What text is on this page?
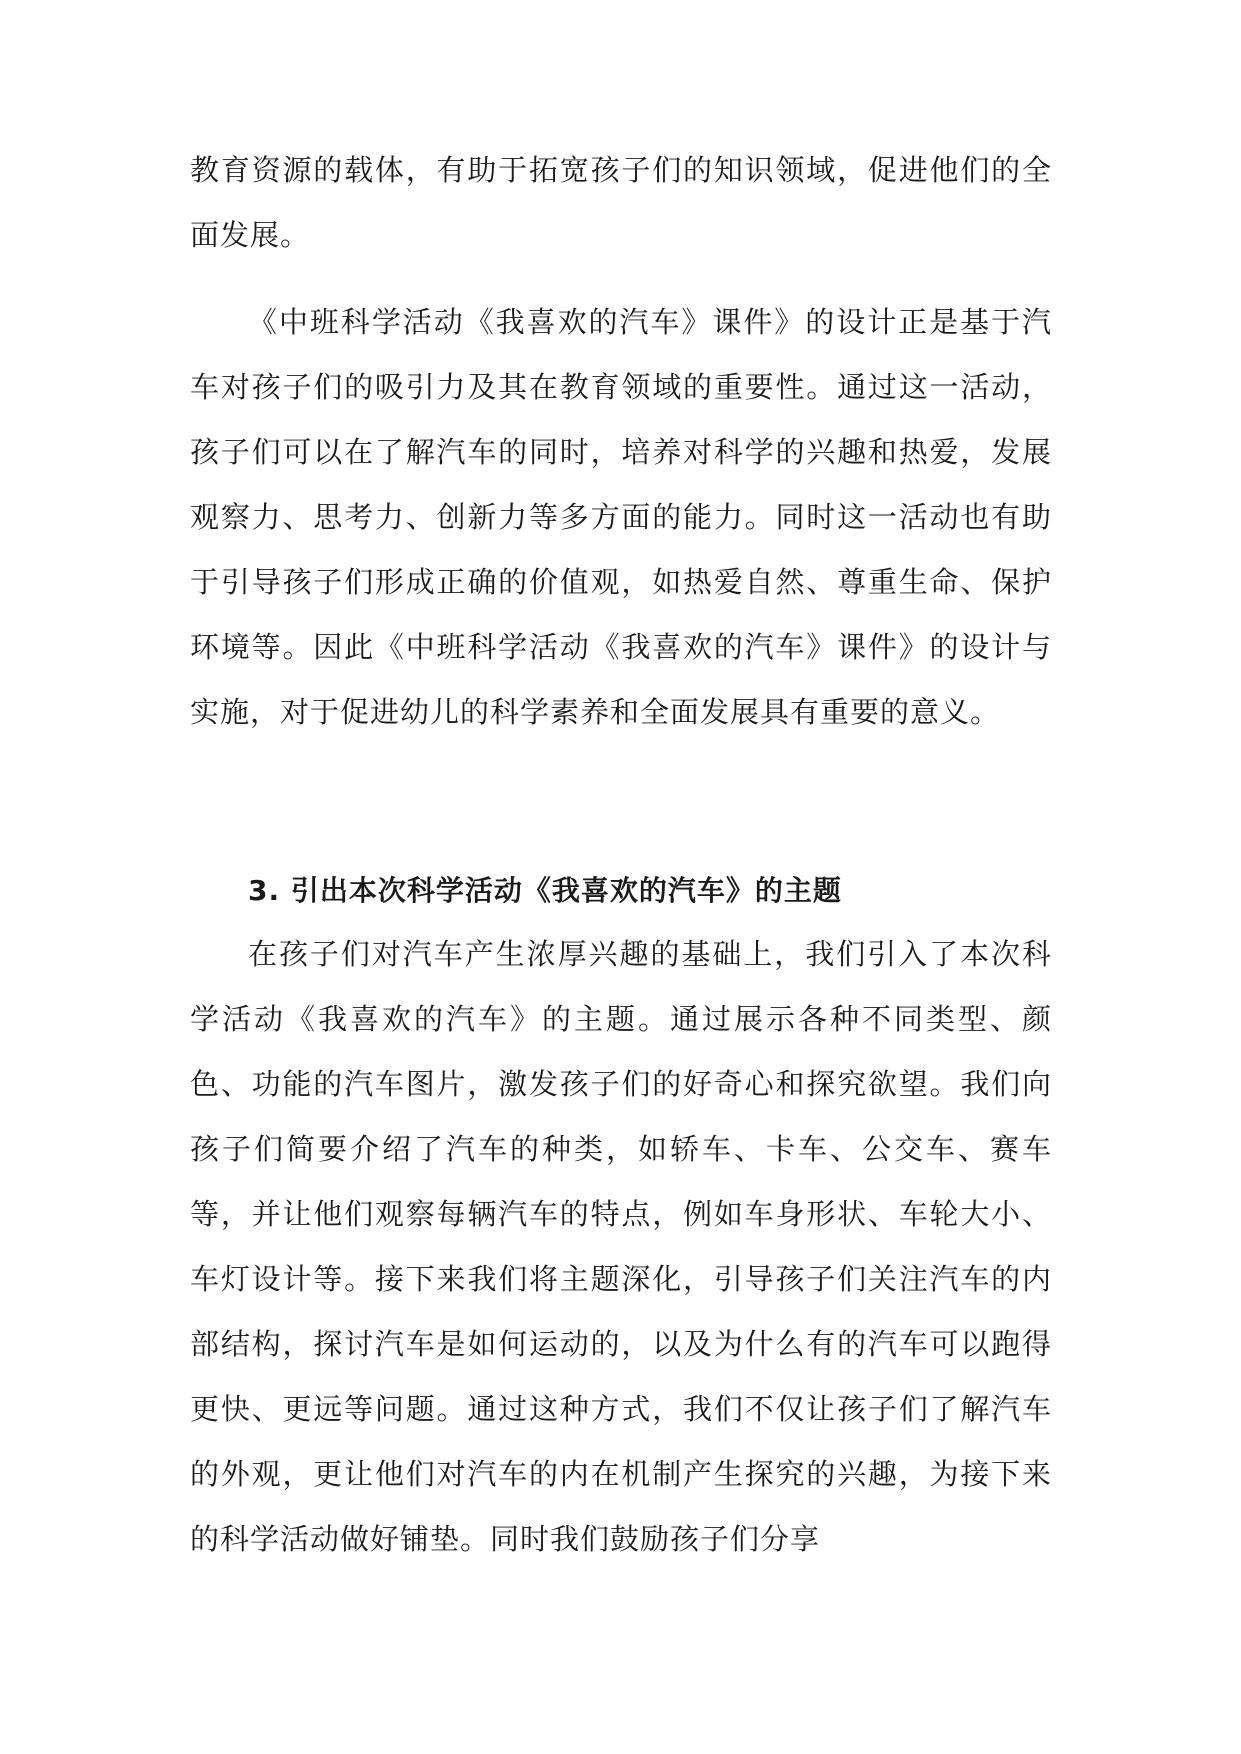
教育资源的载体，有助于拓宽孩子们的知识领域，促进他们的全面发展。

《中班科学活动《我喜欢的汽车》课件》的设计正是基于汽车对孩子们的吸引力及其在教育领域的重要性。通过这一活动，孩子们可以在了解汽车的同时，培养对科学的兴趣和热爱，发展观察力、思考力、创新力等多方面的能力。同时这一活动也有助于引导孩子们形成正确的价值观，如热爱自然、尊重生命、保护环境等。因此《中班科学活动《我喜欢的汽车》课件》的设计与实施，对于促进幼儿的科学素养和全面发展具有重要的意义。

3. 引出本次科学活动《我喜欢的汽车》的主题

在孩子们对汽车产生浓厚兴趣的基础上，我们引入了本次科学活动《我喜欢的汽车》的主题。通过展示各种不同类型、颜色、功能的汽车图片，激发孩子们的好奇心和探究欲望。我们向孩子们简要介绍了汽车的种类，如轿车、卡车、公交车、赛车等，并让他们观察每辆汽车的特点，例如车身形状、车轮大小、车灯设计等。接下来我们将主题深化，引导孩子们关注汽车的内部结构，探讨汽车是如何运动的，以及为什么有的汽车可以跑得更快、更远等问题。通过这种方式，我们不仅让孩子们了解汽车的外观，更让他们对汽车的内在机制产生探究的兴趣，为接下来的科学活动做好铺垫。同时我们鼓励孩子们分享
